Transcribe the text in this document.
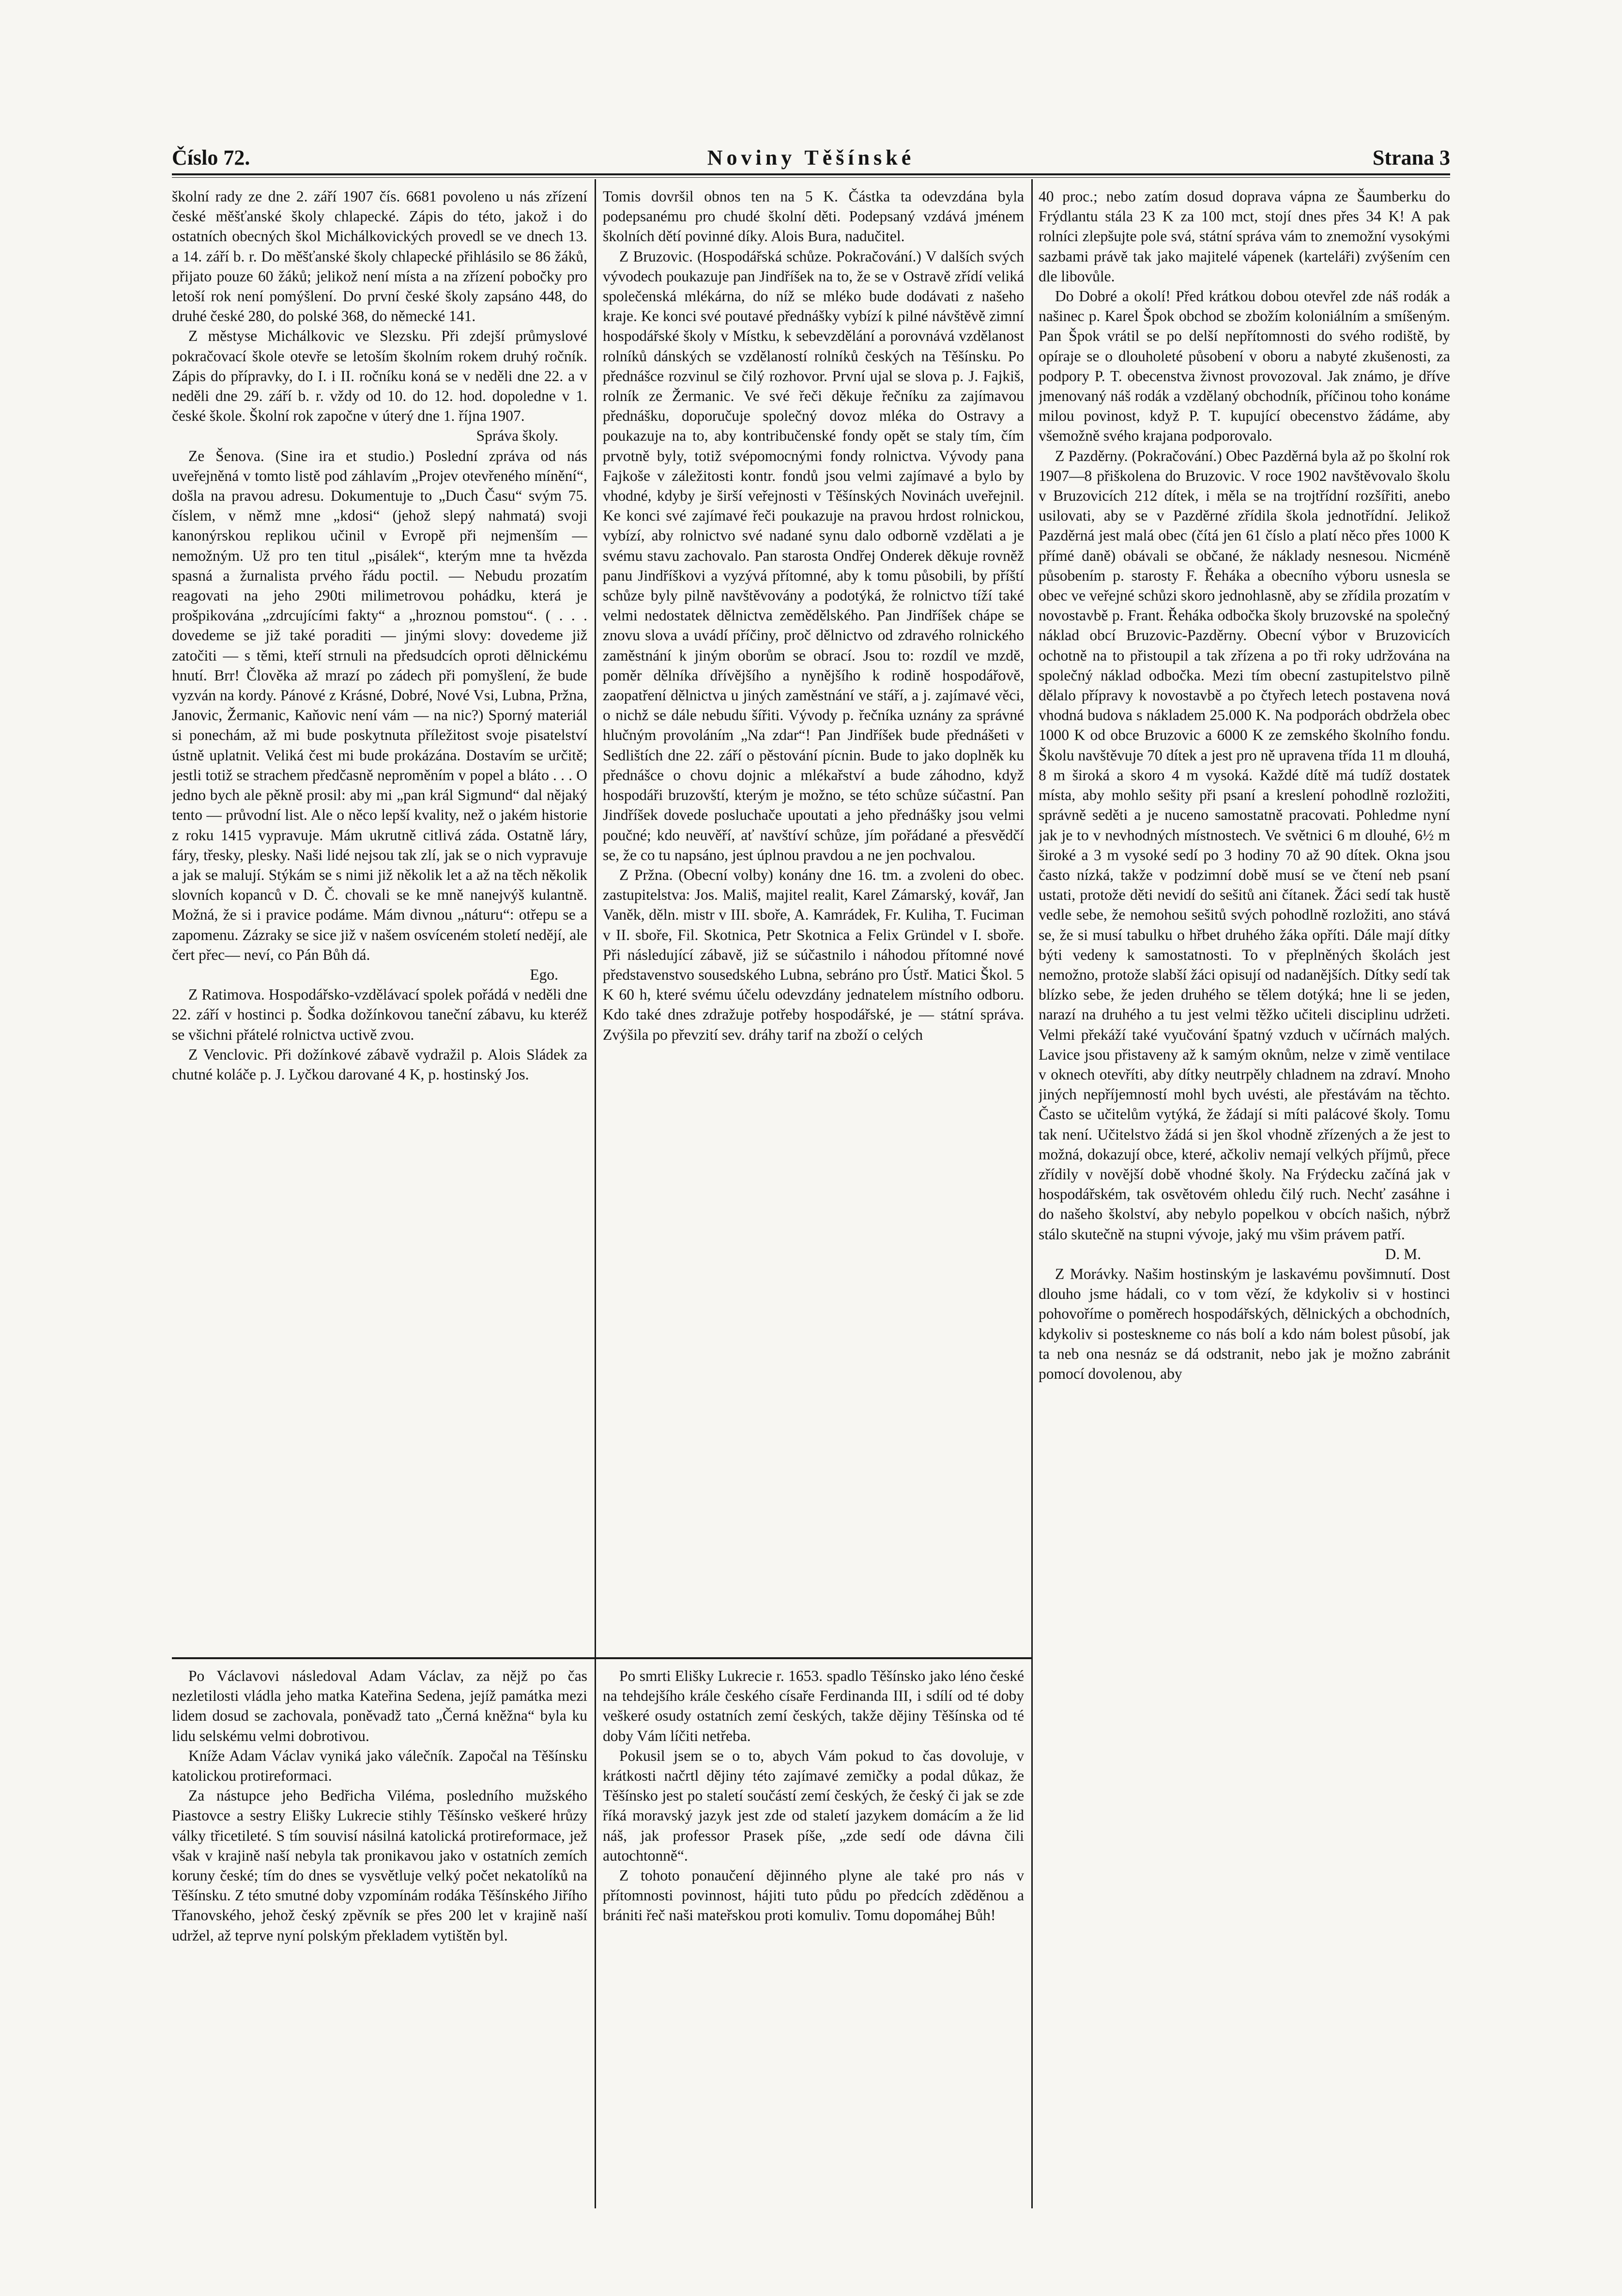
Číslo 72.	Noviny Těšínské	Strana 3

školní rady ze dne 2. září 1907 čís. 6681 povoleno u nás zřízení české měšťanské školy chlapecké. Zápis do této, jakož i do ostatních obecných škol Michálkovických provedl se ve dnech 13. a 14. září b. r. Do měšťanské školy chlapecké přihlásilo se 86 žáků, přijato pouze 60 žáků; jelikož není místa a na zřízení pobočky pro letoší rok není pomýšlení. Do první české školy zapsáno 448, do druhé české 280, do polské 368, do německé 141.

Z městyse Michálkovic ve Slezsku. Při zdejší průmyslové pokračovací škole otevře se letoším školním rokem druhý ročník. Zápis do přípravky, do I. i II. ročníku koná se v neděli dne 22. a v neděli dne 29. září b. r. vždy od 10. do 12. hod. dopoledne v 1. české škole. Školní rok započne v úterý dne 1. října 1907.

Správa školy.

Ze Šenova. (Sine ira et studio.) Poslední zpráva od nás uveřejněná v tomto listě pod záhlavím „Projev otevřeného mínění“, došla na pravou adresu. Dokumentuje to „Duch Času“ svým 75. číslem, v němž mne „kdosi“ (jehož slepý nahmatá) svoji kanonýrskou replikou učinil v Evropě při nejmenším — nemožným. Už pro ten titul „pisálek“, kterým mne ta hvězda spasná a žurnalista prvého řádu poctil. — Nebudu prozatím reagovati na jeho 290ti milimetrovou pohádku, která je prošpikována „zdrcujícími fakty“ a „hroznou pomstou“. ( . . . dovedeme se již také poraditi — jinými slovy: dovedeme již zatočiti — s těmi, kteří strnuli na předsudcích oproti dělnickému hnutí. Brr! Člověka až mrazí po zádech při pomyšlení, že bude vyzván na kordy. Pánové z Krásné, Dobré, Nové Vsi, Lubna, Pržna, Janovic, Žermanic, Kaňovic není vám — na nic?) Sporný materiál si ponechám, až mi bude poskytnuta příležitost svoje pisatelství ústně uplatnit. Veliká čest mi bude prokázána. Dostavím se určitě; jestli totiž se strachem předčasně neproměním v popel a bláto . . . O jedno bych ale pěkně prosil: aby mi „pan král Sigmund“ dal nějaký tento — průvodní list. Ale o něco lepší kvality, než o jakém historie z roku 1415 vypravuje. Mám ukrutně citlivá záda. Ostatně láry, fáry, třesky, plesky. Naši lidé nejsou tak zlí, jak se o nich vypravuje a jak se malují. Stýkám se s nimi již několik let a až na těch několik slovních kopanců v D. Č. chovali se ke mně nanejvýš kulantně. Možná, že si i pravice podáme. Mám divnou „náturu“: otřepu se a zapomenu. Zázraky se sice již v našem osvíceném století nedějí, ale čert přec— neví, co Pán Bůh dá.

Ego.

Z Ratimova. Hospodářsko-vzdělávací spolek pořádá v neděli dne 22. září v hostinci p. Šodka dožínkovou taneční zábavu, ku kteréž se všichni přátelé rolnictva uctivě zvou.

Z Venclovic. Při dožínkové zábavě vydražil p. Alois Sládek za chutné koláče p. J. Lyčkou darované 4 K, p. hostinský Jos.

Tomis dovršil obnos ten na 5 K. Částka ta odevzdána byla podepsanému pro chudé školní děti. Podepsaný vzdává jménem školních dětí povinné díky. Alois Bura, nadučitel.

Z Bruzovic. (Hospodářská schůze. Pokračování.) V dalších svých vývodech poukazuje pan Jindříšek na to, že se v Ostravě zřídí veliká společenská mlékárna, do níž se mléko bude dodávati z našeho kraje. Ke konci své poutavé přednášky vybízí k pilné návštěvě zimní hospodářské školy v Místku, k sebevzdělání a porovnává vzdělanost rolníků dánských se vzdělaností rolníků českých na Těšínsku. Po přednášce rozvinul se čilý rozhovor. První ujal se slova p. J. Fajkiš, rolník ze Žermanic. Ve své řeči děkuje řečníku za zajímavou přednášku, doporučuje společný dovoz mléka do Ostravy a poukazuje na to, aby kontribučenské fondy opět se staly tím, čím prvotně byly, totiž svépomocnými fondy rolnictva. Vývody pana Fajkoše v záležitosti kontr. fondů jsou velmi zajímavé a bylo by vhodné, kdyby je širší veřejnosti v Těšínských Novinách uveřejnil. Ke konci své zajímavé řeči poukazuje na pravou hrdost rolnickou, vybízí, aby rolnictvo své nadané synu dalo odborně vzdělati a je svému stavu zachovalo. Pan starosta Ondřej Onderek děkuje rovněž panu Jindříškovi a vyzývá přítomné, aby k tomu působili, by příští schůze byly pilně navštěvovány a podotýká, že rolnictvo tíží také velmi nedostatek dělnictva zemědělského. Pan Jindříšek chápe se znovu slova a uvádí příčiny, proč dělnictvo od zdravého rolnického zaměstnání k jiným oborům se obrací. Jsou to: rozdíl ve mzdě, poměr dělníka dřívějšího a nynějšího k rodině hospodářově, zaopatření dělnictva u jiných zaměstnání ve stáří, a j. zajímavé věci, o nichž se dále nebudu šířiti. Vývody p. řečníka uznány za správné hlučným provoláním „Na zdar“! Pan Jindříšek bude přednášeti v Sedlištích dne 22. září o pěstování pícnin. Bude to jako doplněk ku přednášce o chovu dojnic a mlékařství a bude záhodno, když hospodáři bruzovští, kterým je možno, se této schůze súčastní. Pan Jindříšek dovede posluchače upoutati a jeho přednášky jsou velmi poučné; kdo neuvěří, ať navštíví schůze, jím pořádané a přesvědčí se, že co tu napsáno, jest úplnou pravdou a ne jen pochvalou.

Z Pržna. (Obecní volby) konány dne 16. tm. a zvoleni do obec. zastupitelstva: Jos. Mališ, majitel realit, Karel Zámarský, kovář, Jan Vaněk, děln. mistr v III. sboře, A. Kamrádek, Fr. Kuliha, T. Fuciman v II. sboře, Fil. Skotnica, Petr Skotnica a Felix Gründel v I. sboře. Při následující zábavě, již se súčastnilo i náhodou přítomné nové představenstvo sousedského Lubna, sebráno pro Ústř. Matici Škol. 5 K 60 h, které svému účelu odevzdány jednatelem místního odboru. Kdo také dnes zdražuje potřeby hospodářské, je — státní správa. Zvýšila po převzití sev. dráhy tarif na zboží o celých

40 proc.; nebo zatím dosud doprava vápna ze Šaumberku do Frýdlantu stála 23 K za 100 mct, stojí dnes přes 34 K! A pak rolníci zlepšujte pole svá, státní správa vám to znemožní vysokými sazbami právě tak jako majitelé vápenek (karteláři) zvýšením cen dle libovůle.

Do Dobré a okolí! Před krátkou dobou otevřel zde náš rodák a našinec p. Karel Špok obchod se zbožím koloniálním a smíšeným. Pan Špok vrátil se po delší nepřítomnosti do svého rodiště, by opíraje se o dlouholeté působení v oboru a nabyté zkušenosti, za podpory P. T. obecenstva živnost provozoval. Jak známo, je dříve jmenovaný náš rodák a vzdělaný obchodník, příčinou toho konáme milou povinost, když P. T. kupující obecenstvo žádáme, aby všemožně svého krajana podporovalo.

Z Pazděrny. (Pokračování.) Obec Pazděrná byla až po školní rok 1907—8 přiškolena do Bruzovic. V roce 1902 navštěvovalo školu v Bruzovicích 212 dítek, i měla se na trojtřídní rozšířiti, anebo usilovati, aby se v Pazděrné zřídila škola jednotřídní. Jelikož Pazděrná jest malá obec (čítá jen 61 číslo a platí něco přes 1000 K přímé daně) obávali se občané, že náklady nesnesou. Nicméně působením p. starosty F. Řeháka a obecního výboru usnesla se obec ve veřejné schůzi skoro jednohlasně, aby se zřídila prozatím v novostavbě p. Frant. Řeháka odbočka školy bruzovské na společný náklad obcí Bruzovic-Pazděrny. Obecní výbor v Bruzovicích ochotně na to přistoupil a tak zřízena a po tři roky udržována na společný náklad odbočka. Mezi tím obecní zastupitelstvo pilně dělalo přípravy k novostavbě a po čtyřech letech postavena nová vhodná budova s nákladem 25.000 K. Na podporách obdržela obec 1000 K od obce Bruzovic a 6000 K ze zemského školního fondu. Školu navštěvuje 70 dítek a jest pro ně upravena třída 11 m dlouhá, 8 m široká a skoro 4 m vysoká. Každé dítě má tudíž dostatek místa, aby mohlo sešity při psaní a kreslení pohodlně rozložiti, správně seděti a je nuceno samostatně pracovati. Pohledme nyní jak je to v nevhodných místnostech. Ve světnici 6 m dlouhé, 6½ m široké a 3 m vysoké sedí po 3 hodiny 70 až 90 dítek. Okna jsou často nízká, takže v podzimní době musí se ve čtení neb psaní ustati, protože děti nevidí do sešitů ani čítanek. Žáci sedí tak hustě vedle sebe, že nemohou sešitů svých pohodlně rozložiti, ano stává se, že si musí tabulku o hřbet druhého žáka opříti. Dále mají dítky býti vedeny k samostatnosti. To v přeplněných školách jest nemožno, protože slabší žáci opisují od nadanějších. Dítky sedí tak blízko sebe, že jeden druhého se tělem dotýká; hne li se jeden, narazí na druhého a tu jest velmi těžko učiteli disciplinu udržeti. Velmi překáží také vyučování špatný vzduch v učírnách malých. Lavice jsou přistaveny až k samým oknům, nelze v zimě ventilace v oknech otevříti, aby dítky neutrpěly chladnem na zdraví. Mnoho jiných nepříjemností mohl bych uvésti, ale přestávám na těchto. Často se učitelům vytýká, že žádají si míti palácové školy. Tomu tak není. Učitelstvo žádá si jen škol vhodně zřízených a že jest to možná, dokazují obce, které, ačkoliv nemají velkých příjmů, přece zřídily v novější době vhodné školy. Na Frýdecku začíná jak v hospodářském, tak osvětovém ohledu čilý ruch. Nechť zasáhne i do našeho školství, aby nebylo popelkou v obcích našich, nýbrž stálo skutečně na stupni vývoje, jaký mu všim právem patří.

D. M.

Z Morávky. Našim hostinským je laskavému povšimnutí. Dost dlouho jsme hádali, co v tom vězí, že kdykoliv si v hostinci pohovoříme o poměrech hospodářských, dělnických a obchodních, kdykoliv si posteskneme co nás bolí a kdo nám bolest působí, jak ta neb ona nesnáz se dá odstranit, nebo jak je možno zabránit pomocí dovolenou, aby

Po Václavovi následoval Adam Václav, za nějž po čas nezletilosti vládla jeho matka Kateřina Sedena, jejíž památka mezi lidem dosud se zachovala, poněvadž tato „Černá kněžna“ byla ku lidu selskému velmi dobrotivou.

Kníže Adam Václav vyniká jako válečník. Započal na Těšínsku katolickou protireformaci.

Za nástupce jeho Bedřicha Viléma, posledního mužského Piastovce a sestry Elišky Lukrecie stihly Těšínsko veškeré hrůzy války třicetileté. S tím souvisí násilná katolická protireformace, jež však v krajině naší nebyla tak pronikavou jako v ostatních zemích koruny české; tím do dnes se vysvětluje velký počet nekatolíků na Těšínsku. Z této smutné doby vzpomínám rodáka Těšínského Jiřího Třanovského, jehož český zpěvník se přes 200 let v krajině naší udržel, až teprve nyní polským překladem vytištěn byl.

Po smrti Elišky Lukrecie r. 1653. spadlo Těšínsko jako léno české na tehdejšího krále českého císaře Ferdinanda III, i sdílí od té doby veškeré osudy ostatních zemí českých, takže dějiny Těšínska od té doby Vám líčiti netřeba.

Pokusil jsem se o to, abych Vám pokud to čas dovoluje, v krátkosti načrtl dějiny této zajímavé zemičky a podal důkaz, že Těšínsko jest po staletí součástí zemí českých, že český či jak se zde říká moravský jazyk jest zde od staletí jazykem domácím a že lid náš, jak professor Prasek píše, „zde sedí ode dávna čili autochtonně“.

Z tohoto ponaučení dějinného plyne ale také pro nás v přítomnosti povinnost, hájiti tuto půdu po předcích zděděnou a brániti řeč naši mateřskou proti komuliv. Tomu dopomáhej Bůh!
